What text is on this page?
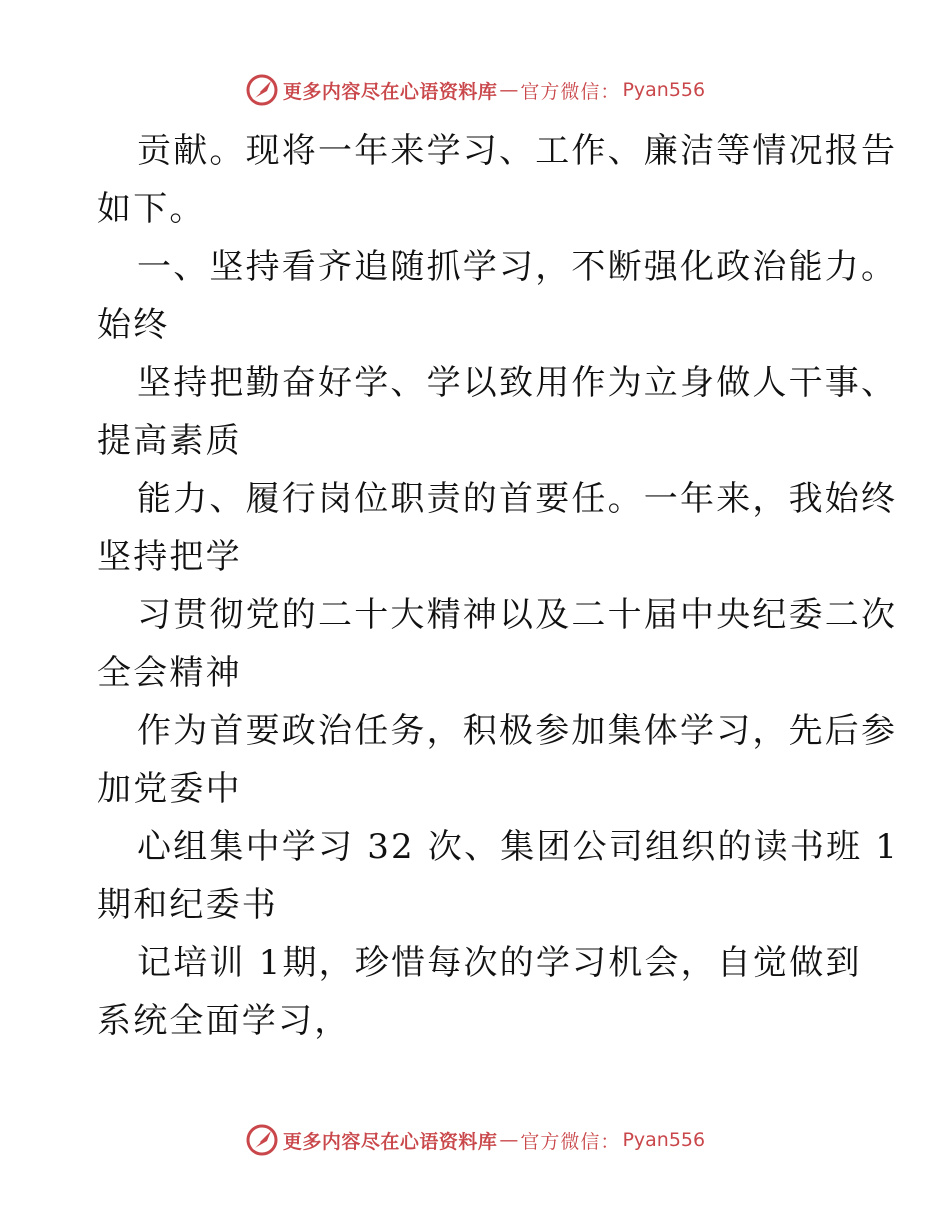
更多内容尽在心语资料库 — 官方微信： Pyan556
贡献。现将一年来学习、工作、廉洁等情况报告
如下。
一、坚持看齐追随抓学习，不断强化政治能力。
始终
坚持把勤奋好学、学以致用作为立身做人干事、
提高素质
能力、履行岗位职责的首要任。一年来，我始终
坚持把学
习贯彻党的二十大精神以及二十届中央纪委二次
全会精神
作为首要政治任务，积极参加集体学习，先后参
加党委中
心组集中学习 32 次、集团公司组织的读书班 1
期和纪委书
记培训 1期，珍惜每次的学习机会，自觉做到
系统全面学习，
更多内容尽在心语资料库 — 官方微信： Pyan556
